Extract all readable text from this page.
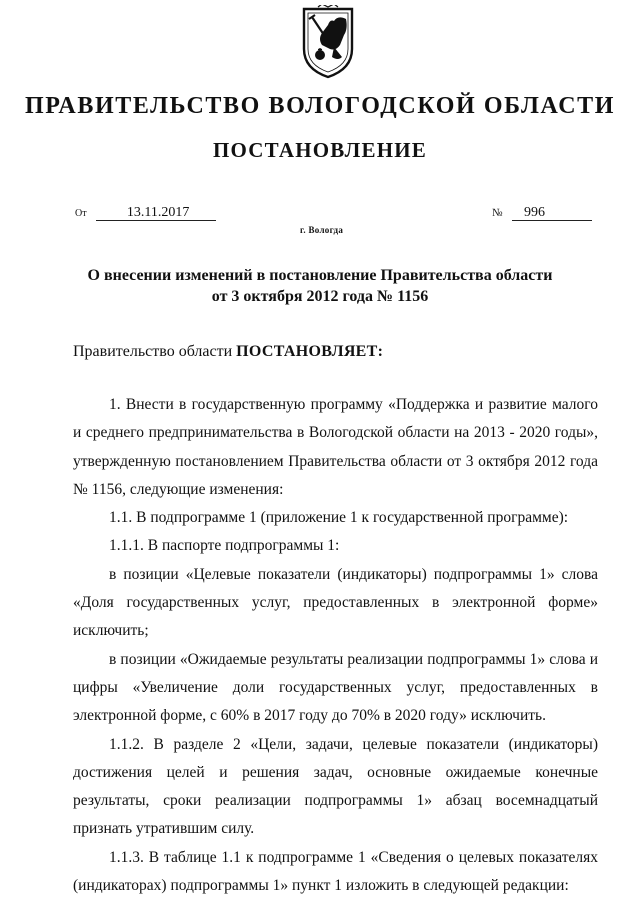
ПРАВИТЕЛЬСТВО ВОЛОГОДСКОЙ ОБЛАСТИ
ПОСТАНОВЛЕНИЕ
От	13.11.2017	№ 996
г. Вологда
О внесении изменений в постановление Правительства области
от 3 октября 2012 года № 1156
Правительство области ПОСТАНОВЛЯЕТ:

1. Внести в государственную программу «Поддержка и развитие малого и среднего предпринимательства в Вологодской области на 2013 - 2020 годы», утвержденную постановлением Правительства области от 3 октября 2012 года № 1156, следующие изменения:

1.1. В подпрограмме 1 (приложение 1 к государственной программе):

1.1.1. В паспорте подпрограммы 1:

в позиции «Целевые показатели (индикаторы) подпрограммы 1» слова «Доля государственных услуг, предоставленных в электронной форме» исключить;

в позиции «Ожидаемые результаты реализации подпрограммы 1» слова и цифры «Увеличение доли государственных услуг, предоставленных в электронной форме, с 60% в 2017 году до 70% в 2020 году» исключить.

1.1.2. В разделе 2 «Цели, задачи, целевые показатели (индикаторы) достижения целей и решения задач, основные ожидаемые конечные результаты, сроки реализации подпрограммы 1» абзац восемнадцатый признать утратившим силу.

1.1.3. В таблице 1.1 к подпрограмме 1 «Сведения о целевых показателях (индикаторах) подпрограммы 1» пункт 1 изложить в следующей редакции:
